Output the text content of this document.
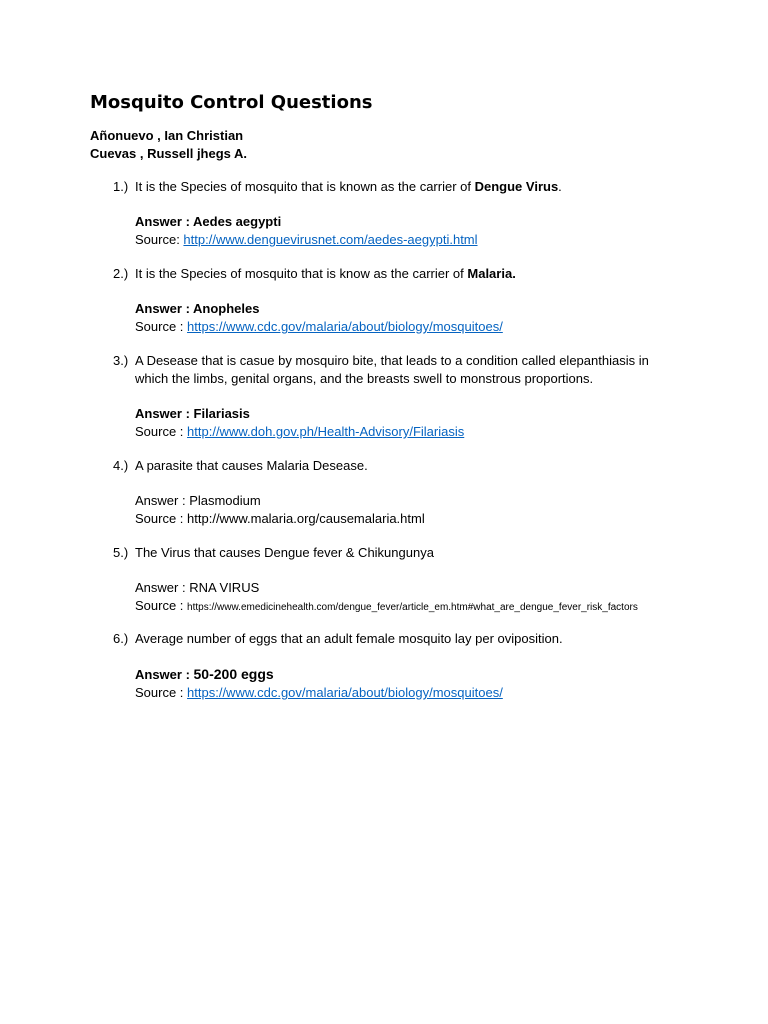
Mosquito Control Questions
Añonuevo , Ian Christian
Cuevas , Russell jhegs A.
1.) It is the Species of mosquito that is known as the carrier of Dengue Virus.
Answer : Aedes aegypti
Source: http://www.denguevirusnet.com/aedes-aegypti.html
2.) It is the Species of mosquito that is know as the carrier of Malaria.
Answer : Anopheles
Source : https://www.cdc.gov/malaria/about/biology/mosquitoes/
3.) A Desease that is casue by mosquiro bite, that leads to a condition called elepanthiasis in which the limbs, genital organs, and the breasts swell to monstrous proportions.
Answer : Filariasis
Source : http://www.doh.gov.ph/Health-Advisory/Filariasis
4.) A parasite that causes Malaria Desease.
Answer : Plasmodium
Source : http://www.malaria.org/causemalaria.html
5.) The Virus that causes Dengue fever & Chikungunya
Answer : RNA VIRUS
Source : https://www.emedicinehealth.com/dengue_fever/article_em.htm#what_are_dengue_fever_risk_factors
6.) Average number of eggs that an adult female mosquito lay per oviposition.
Answer : 50-200 eggs
Source : https://www.cdc.gov/malaria/about/biology/mosquitoes/
